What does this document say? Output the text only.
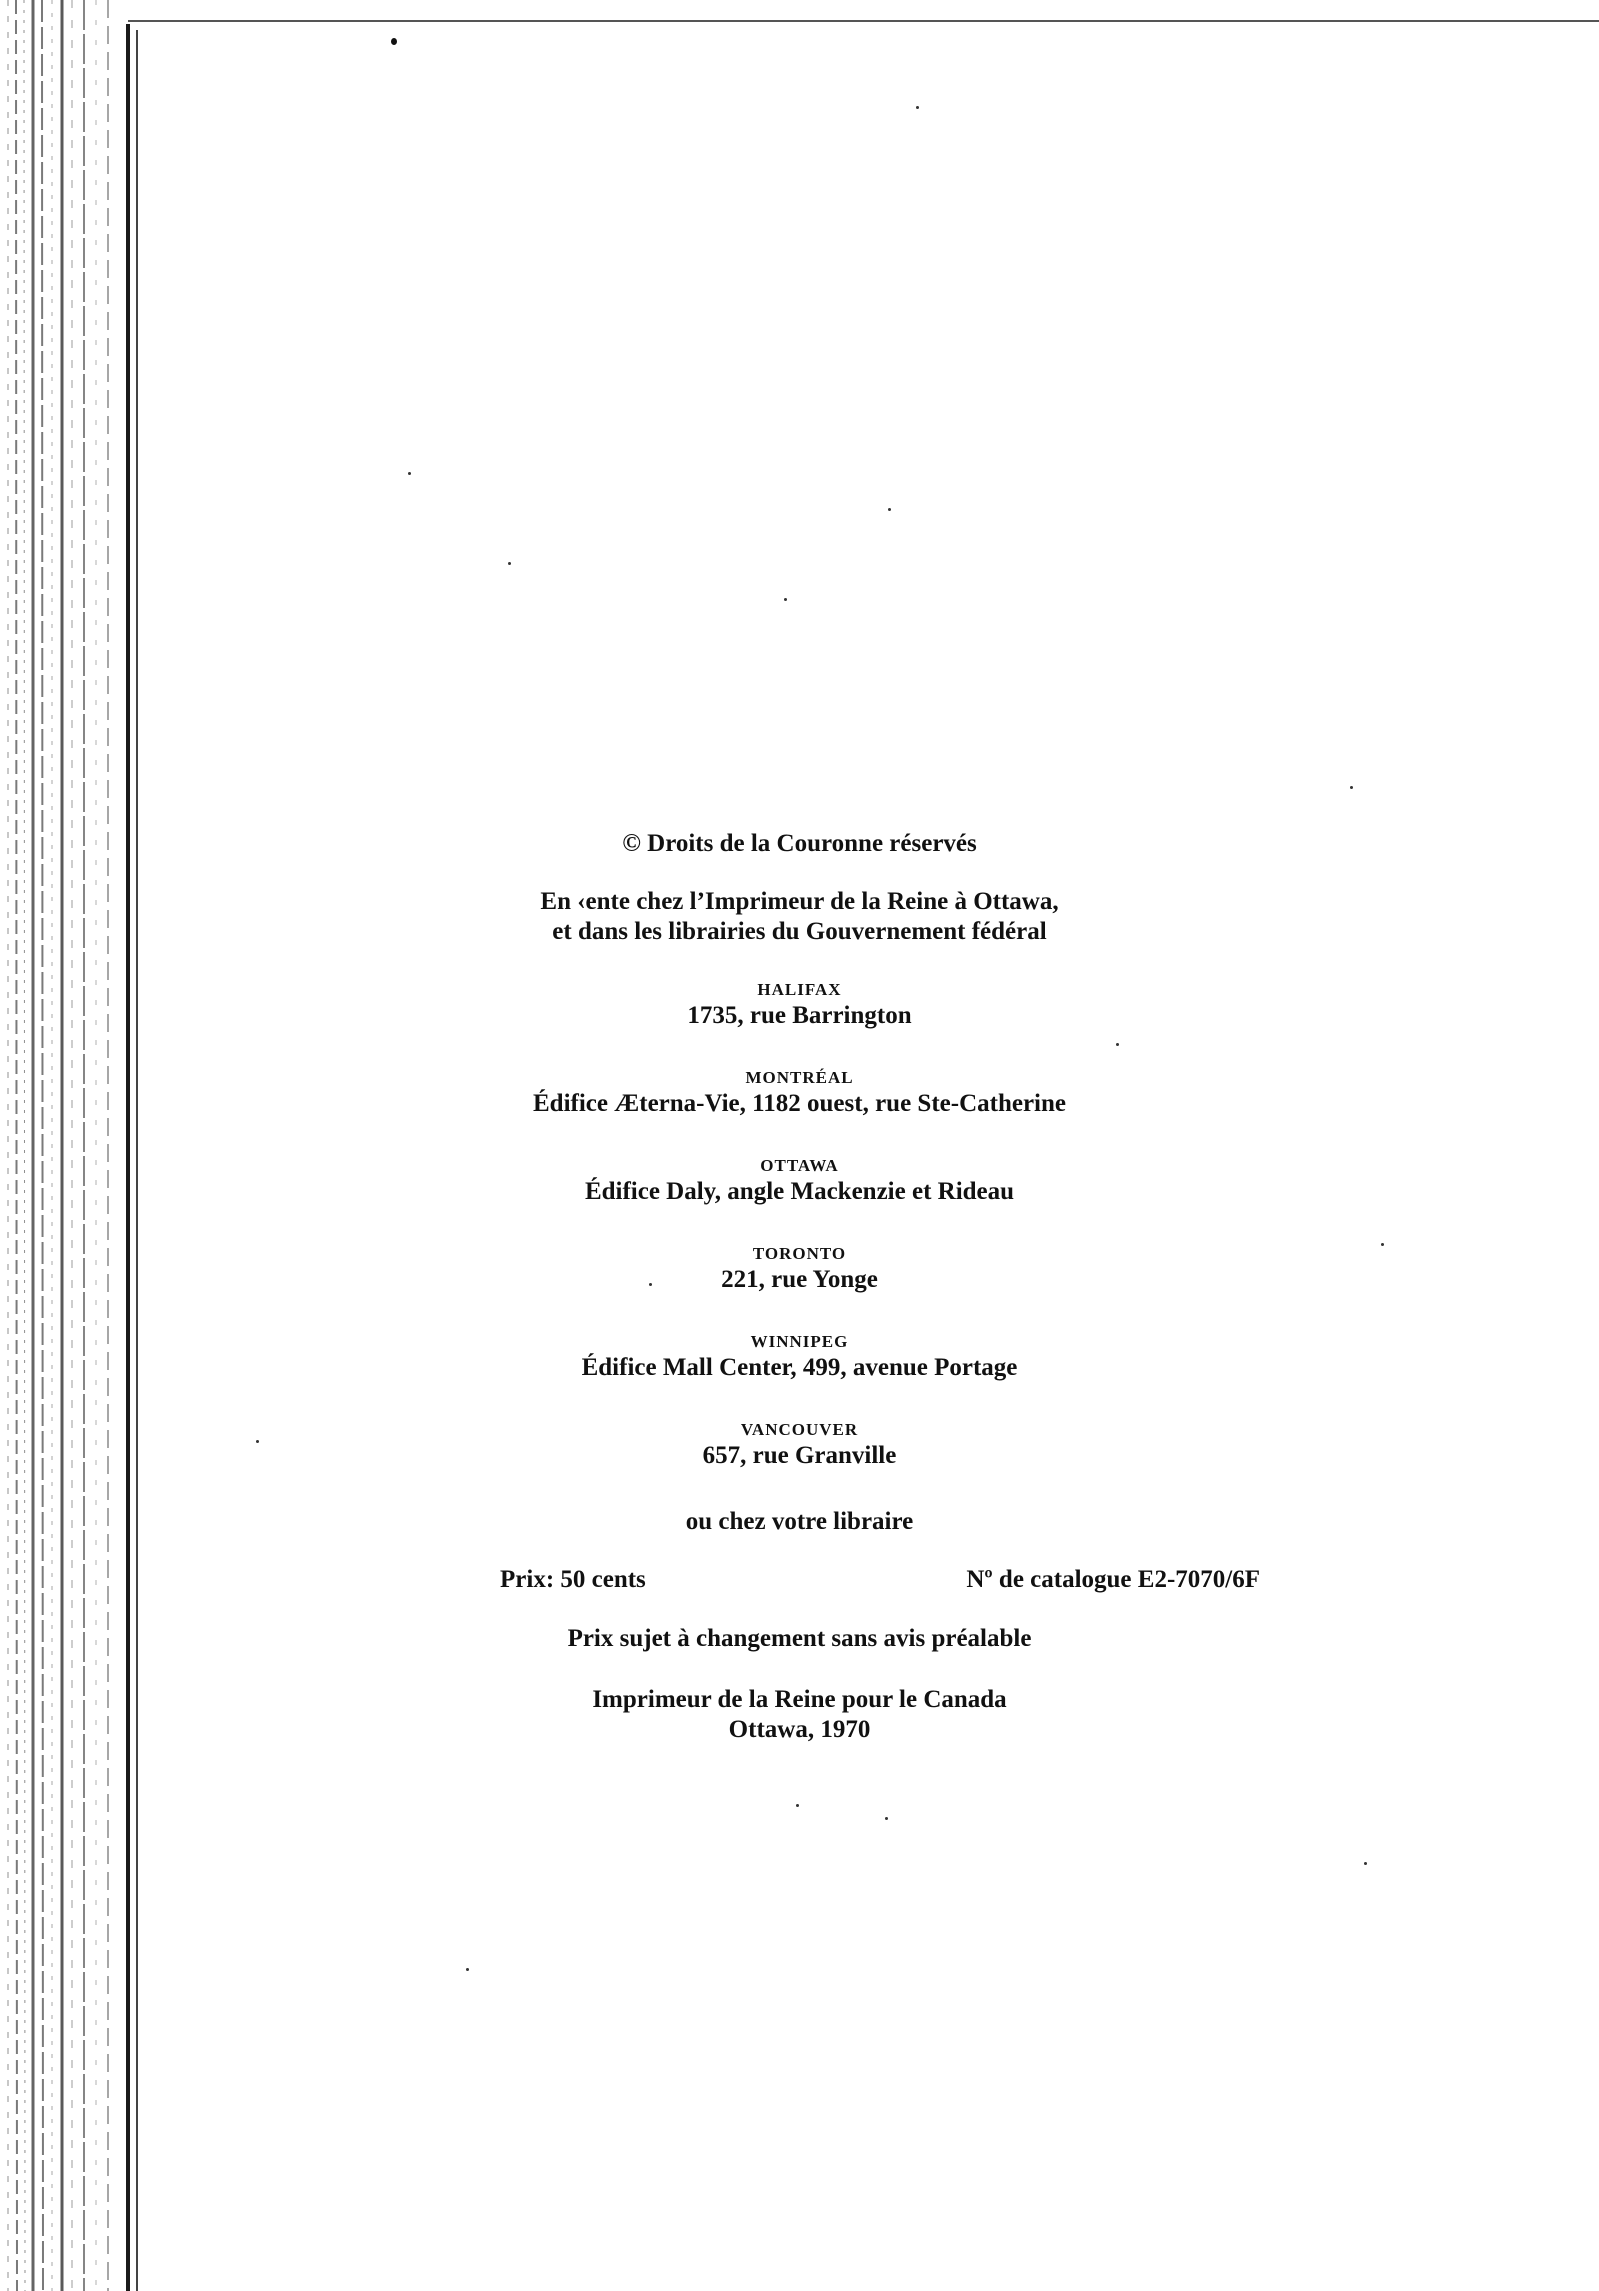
© Droits de la Couronne réservés
En ‹ente chez l’Imprimeur de la Reine à Ottawa,
et dans les librairies du Gouvernement fédéral
HALIFAX
1735, rue Barrington
MONTRÉAL
Édifice Æterna-Vie, 1182 ouest, rue Ste-Catherine
OTTAWA
Édifice Daly, angle Mackenzie et Rideau
TORONTO
221, rue Yonge
WINNIPEG
Édifice Mall Center, 499, avenue Portage
VANCOUVER
657, rue Granville
ou chez votre libraire
Prix: 50 cents	Nº de catalogue E2-7070/6F
Prix sujet à changement sans avis préalable
Imprimeur de la Reine pour le Canada
Ottawa, 1970
